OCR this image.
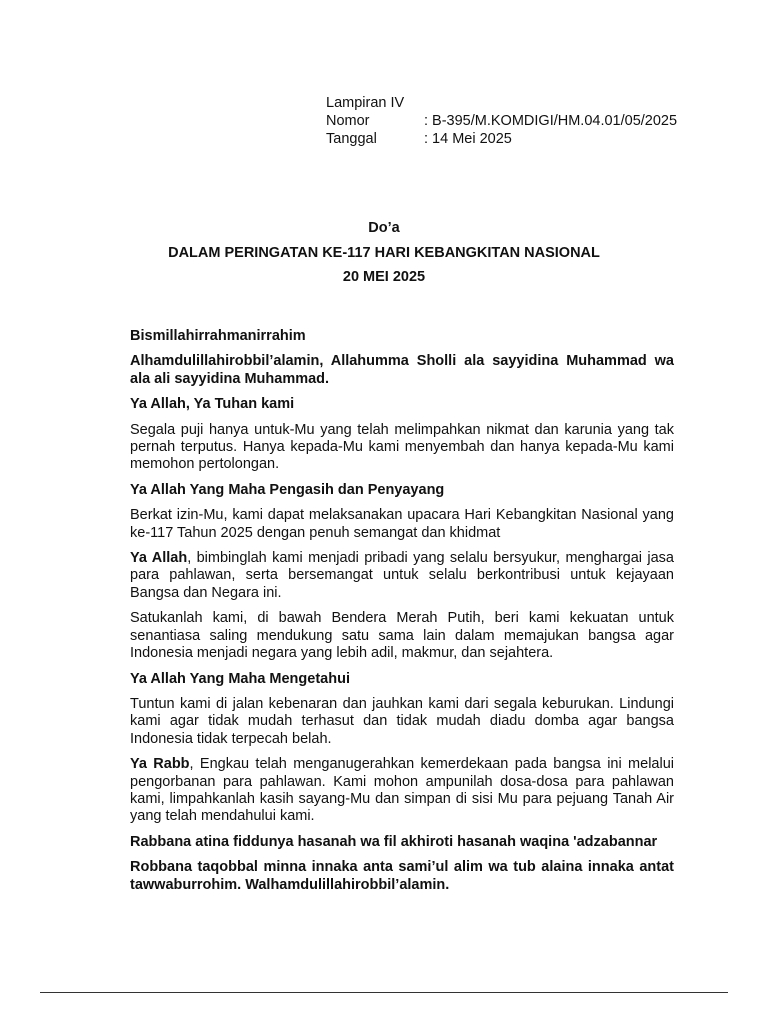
Lampiran IV
Nomor	: B-395/M.KOMDIGI/HM.04.01/05/2025
Tanggal	: 14 Mei 2025
Do’a
DALAM PERINGATAN KE-117 HARI KEBANGKITAN NASIONAL
20 MEI 2025

Bismillahirrahmanirrahim

Alhamdulillahirobbil’alamin, Allahumma Sholli ala sayyidina Muhammad wa ala ali sayyidina Muhammad.

Ya Allah, Ya Tuhan kami

Segala puji hanya untuk-Mu yang telah melimpahkan nikmat dan karunia yang tak pernah terputus. Hanya kepada-Mu kami menyembah dan hanya kepada-Mu kami memohon pertolongan.

Ya Allah Yang Maha Pengasih dan Penyayang

Berkat izin-Mu, kami dapat melaksanakan upacara Hari Kebangkitan Nasional yang ke-117 Tahun 2025 dengan penuh semangat dan khidmat

Ya Allah, bimbinglah kami menjadi pribadi yang selalu bersyukur, menghargai jasa para pahlawan, serta bersemangat untuk selalu berkontribusi untuk kejayaan Bangsa dan Negara ini.

Satukanlah kami, di bawah Bendera Merah Putih, beri kami kekuatan untuk senantiasa saling mendukung satu sama lain dalam memajukan bangsa agar Indonesia menjadi negara yang lebih adil, makmur, dan sejahtera.

Ya Allah Yang Maha Mengetahui

Tuntun kami di jalan kebenaran dan jauhkan kami dari segala keburukan. Lindungi kami agar tidak mudah terhasut dan tidak mudah diadu domba agar bangsa Indonesia tidak terpecah belah.

Ya Rabb, Engkau telah menganugerahkan kemerdekaan pada bangsa ini melalui pengorbanan para pahlawan. Kami mohon ampunilah dosa-dosa para pahlawan kami, limpahkanlah kasih sayang-Mu dan simpan di sisi Mu para pejuang Tanah Air yang telah mendahului kami.

Rabbana atina fiddunya hasanah wa fil akhiroti hasanah waqina 'adzabannar

Robbana taqobbal minna innaka anta sami’ul alim wa tub alaina innaka antat tawwaburrohim. Walhamdulillahirobbil’alamin.
